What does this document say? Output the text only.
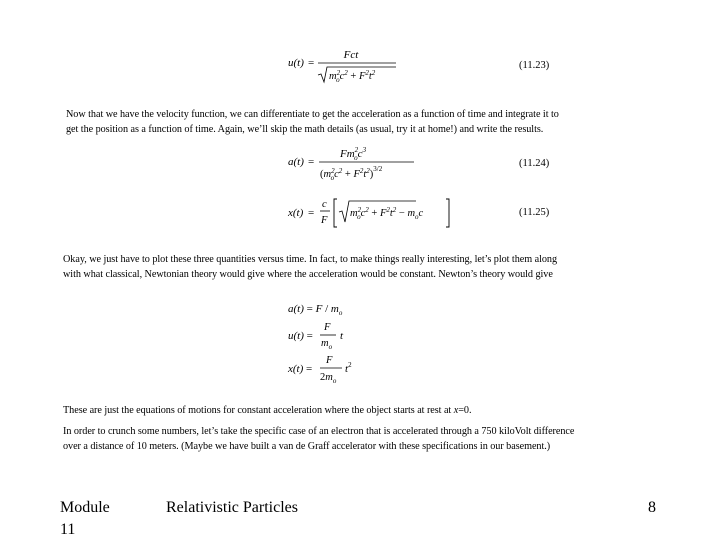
u(t) =
Fct
$m^2$ $oc^2 + F^2t^2$
(11.23)
Now that we have the velocity function, we can differentiate to get the acceleration as a function of time and integrate it to
get the position as a function of time. Again, we’ll skip the math details (as usual, try it at home!) and write the results.
a(t) =
$Fm^2$ $oc^3$
($m^2$ $oc^2 + F^2t^2)^{3/2}$	(11.24)
x(t) =
c
F
$m^2$ $oc^2 + F^2t^2 - m_oc$	(11.25)
Okay, we just have to plot these three quantities versus time. In fact, to make things really interesting, let’s plot them along
with what classical, Newtonian theory would give where the acceleration would be constant. Newton’s theory would give
$a(t) = F / m_o$
u(t) =
F
$m_o$
t
x(t) =
F
$2m_o$
$t^2$
These are just the equations of motions for constant acceleration where the object starts at rest at x=0.
In order to crunch some numbers, let’s take the specific case of an electron that is accelerated through a 750 kiloVolt difference
over a distance of 10 meters. (Maybe we have built a van de Graff accelerator with these specifications in our basement.)
Module
11
Relativistic Particles	8
